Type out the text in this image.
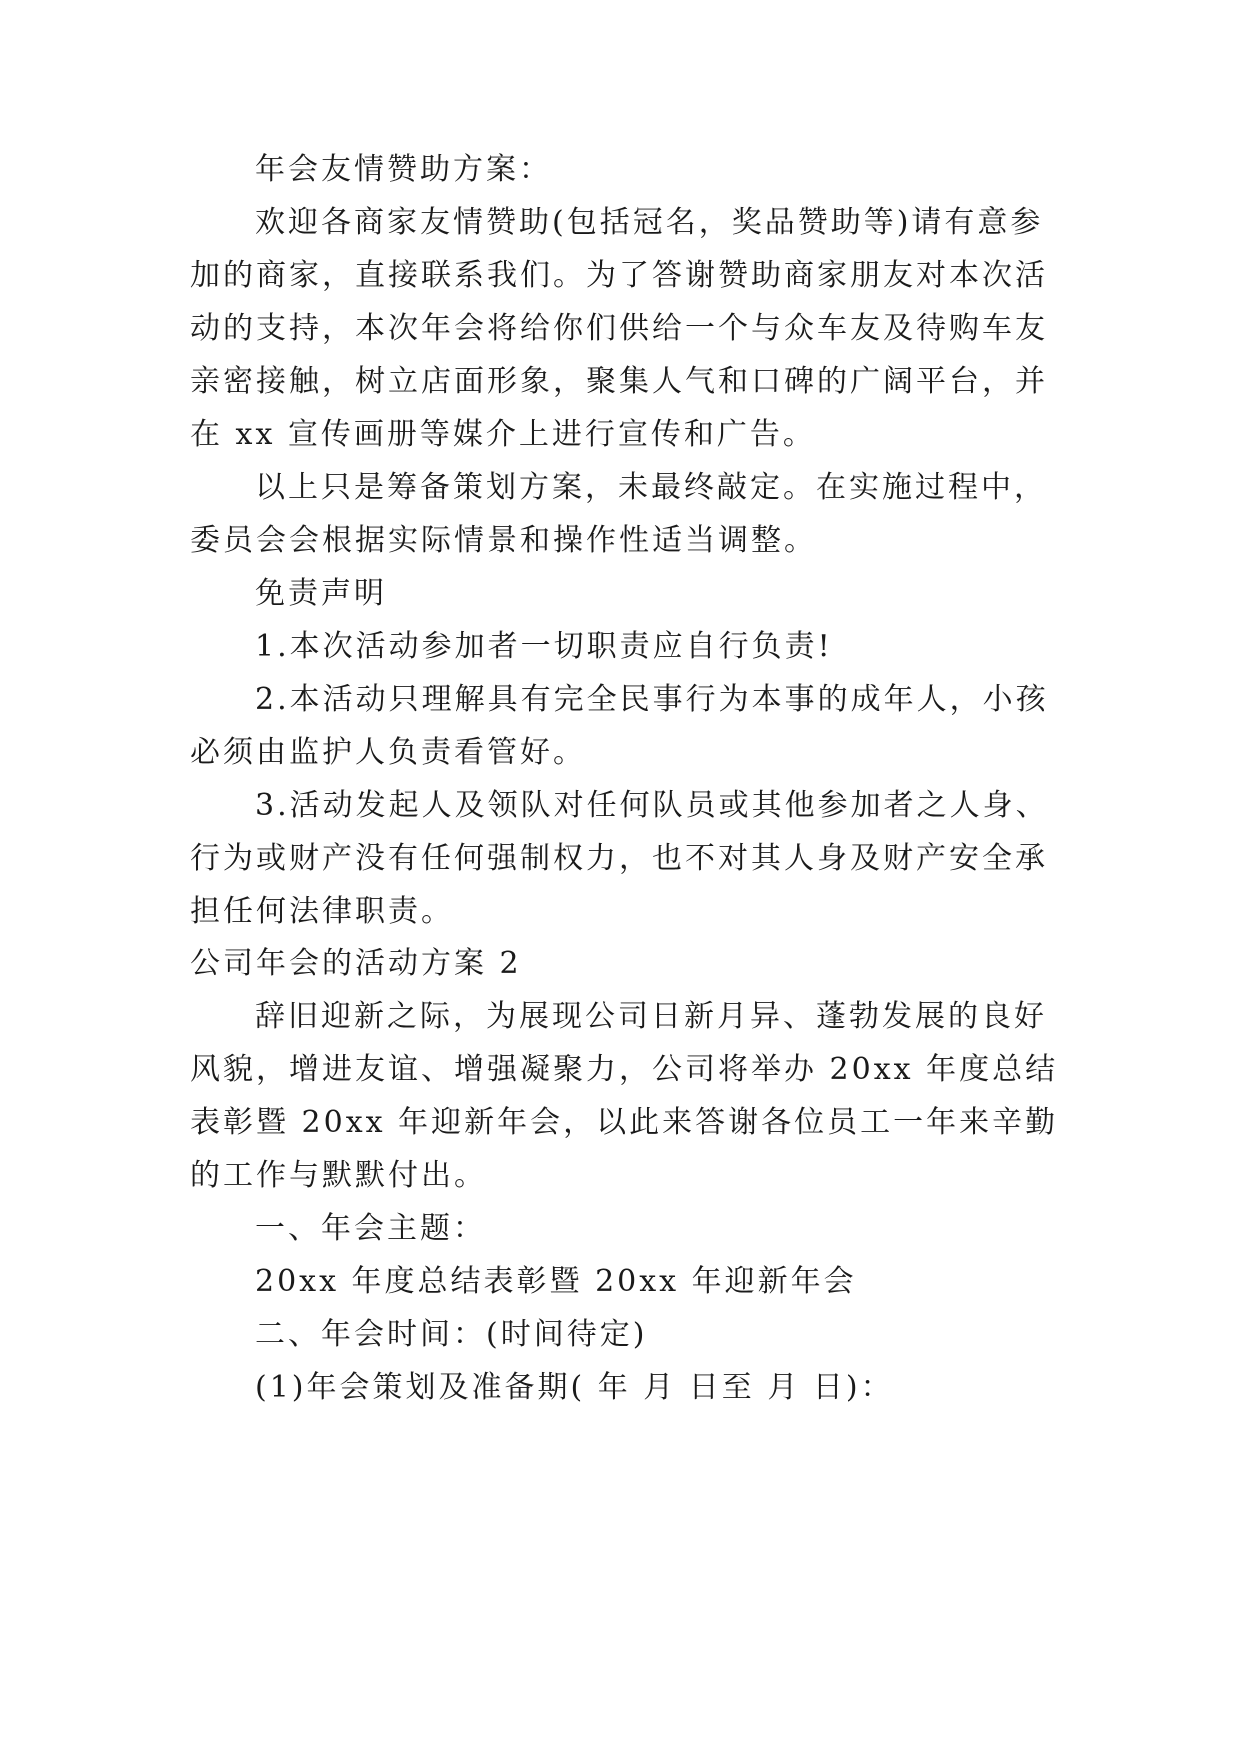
年会友情赞助方案：
欢迎各商家友情赞助(包括冠名，奖品赞助等)请有意参
加的商家，直接联系我们。为了答谢赞助商家朋友对本次活
动的支持，本次年会将给你们供给一个与众车友及待购车友
亲密接触，树立店面形象，聚集人气和口碑的广阔平台，并
在 xx 宣传画册等媒介上进行宣传和广告。
以上只是筹备策划方案，未最终敲定。在实施过程中，
委员会会根据实际情景和操作性适当调整。
免责声明
1.本次活动参加者一切职责应自行负责!
2.本活动只理解具有完全民事行为本事的成年人，小孩
必须由监护人负责看管好。
3.活动发起人及领队对任何队员或其他参加者之人身、
行为或财产没有任何强制权力，也不对其人身及财产安全承
担任何法律职责。
公司年会的活动方案 2
辞旧迎新之际，为展现公司日新月异、蓬勃发展的良好
风貌，增进友谊、增强凝聚力，公司将举办 20xx 年度总结
表彰暨 20xx 年迎新年会，以此来答谢各位员工一年来辛勤
的工作与默默付出。
一、年会主题：
20xx 年度总结表彰暨 20xx 年迎新年会
二、年会时间：(时间待定)
(1)年会策划及准备期( 年 月 日至 月 日)：
